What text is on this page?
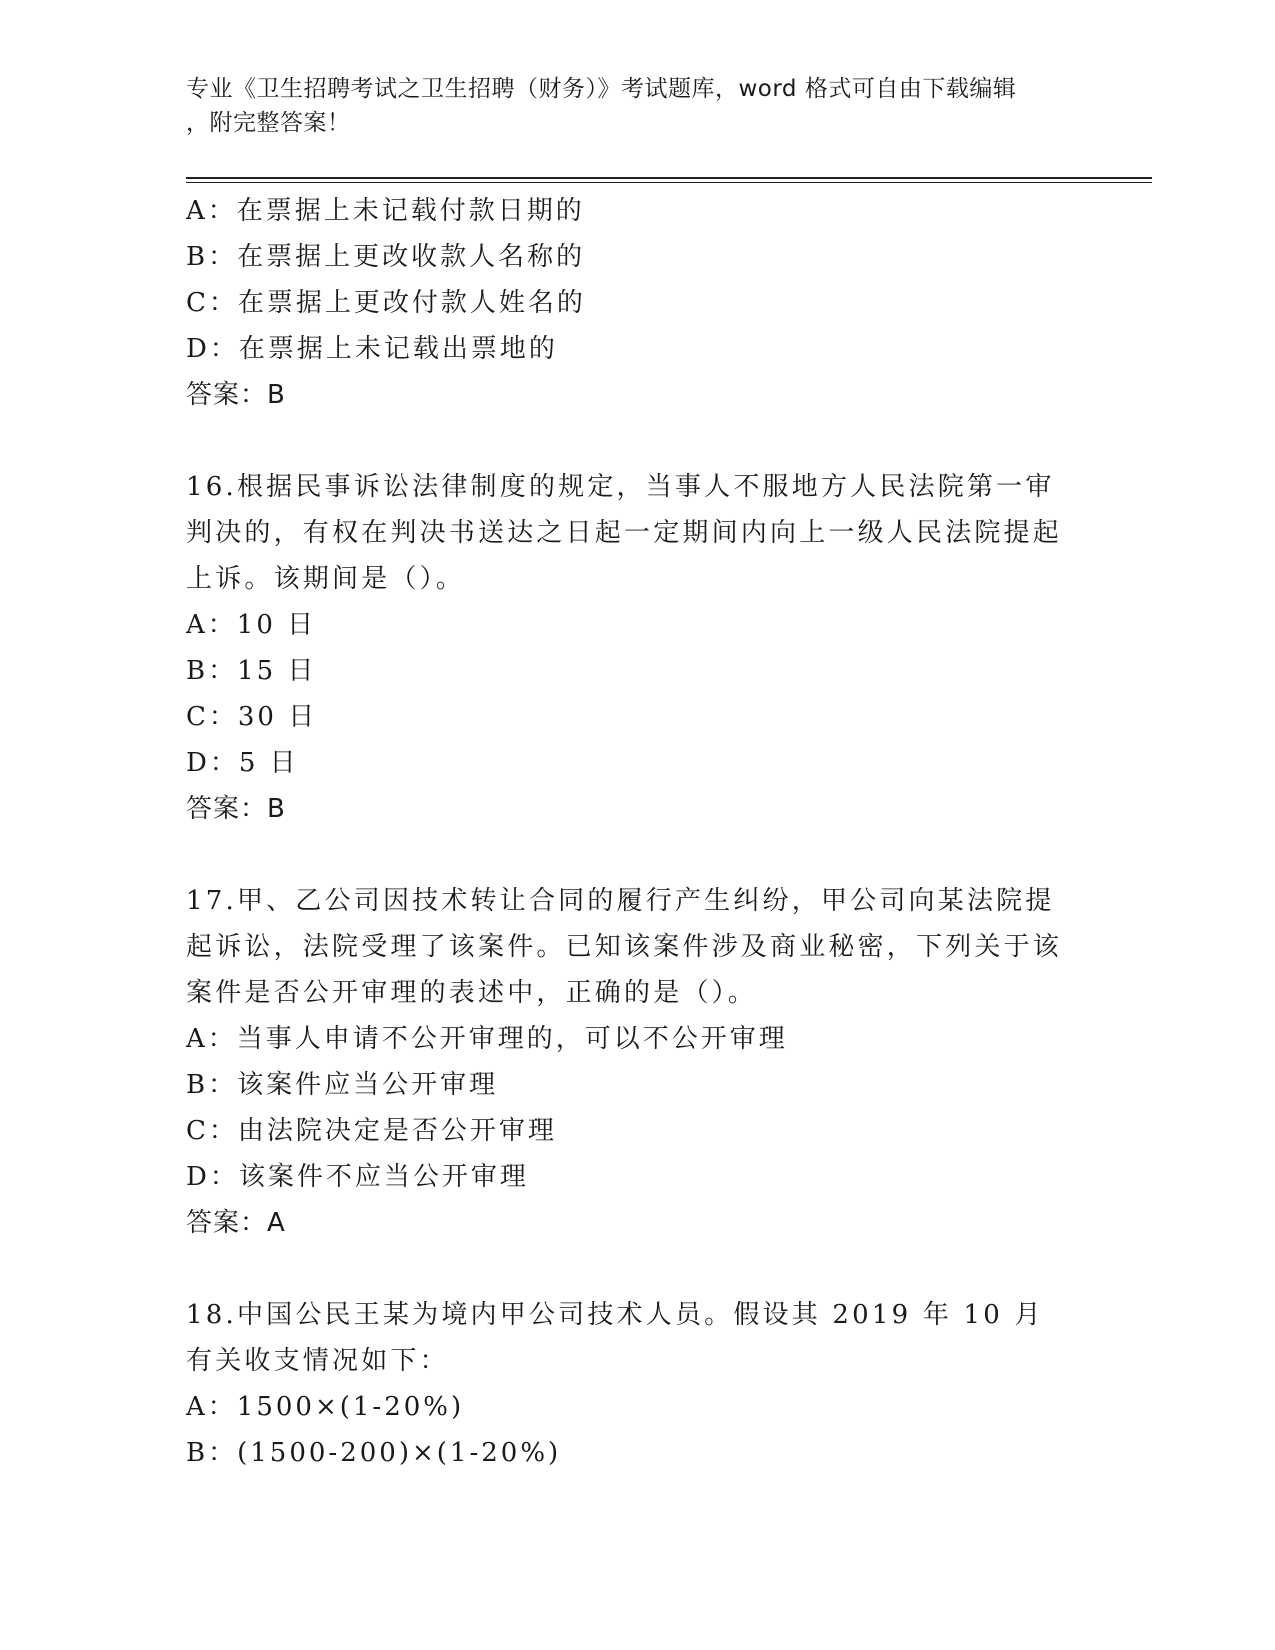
专业《卫生招聘考试之卫生招聘（财务）》考试题库，word 格式可自由下载编辑
，附完整答案！
A：在票据上未记载付款日期的
B：在票据上更改收款人名称的
C：在票据上更改付款人姓名的
D：在票据上未记载出票地的
答案：B
16.根据民事诉讼法律制度的规定，当事人不服地方人民法院第一审判决的，有权在判决书送达之日起一定期间内向上一级人民法院提起上诉。该期间是（）。
A：10 日
B：15 日
C：30 日
D：5 日
答案：B
17.甲、乙公司因技术转让合同的履行产生纠纷，甲公司向某法院提起诉讼，法院受理了该案件。已知该案件涉及商业秘密，下列关于该案件是否公开审理的表述中，正确的是（）。
A：当事人申请不公开审理的，可以不公开审理
B：该案件应当公开审理
C：由法院决定是否公开审理
D：该案件不应当公开审理
答案：A
18.中国公民王某为境内甲公司技术人员。假设其 2019 年 10 月有关收支情况如下：
A：1500×(1-20%)
B：(1500-200)×(1-20%)
